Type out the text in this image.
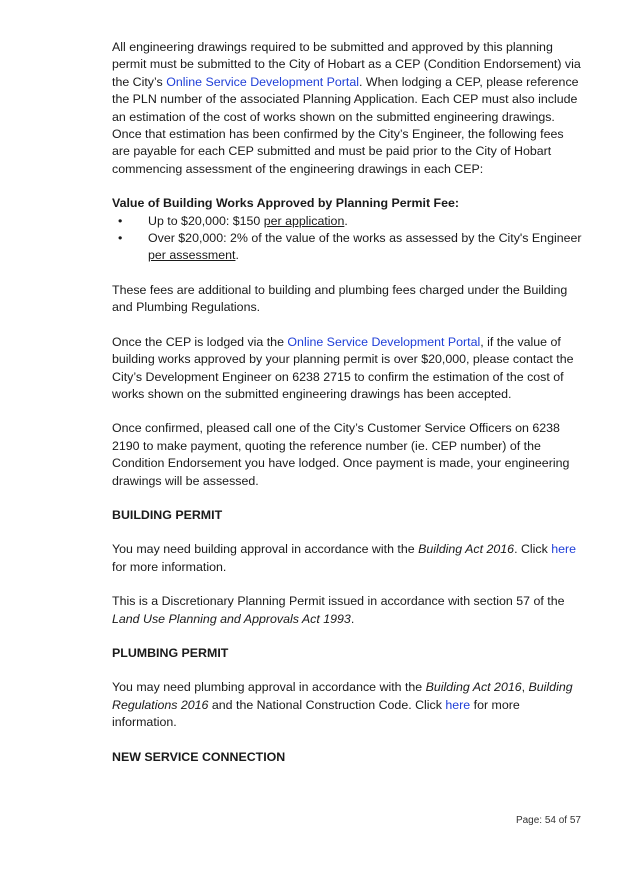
All engineering drawings required to be submitted and approved by this planning permit must be submitted to the City of Hobart as a CEP (Condition Endorsement) via the City’s Online Service Development Portal. When lodging a CEP, please reference the PLN number of the associated Planning Application. Each CEP must also include an estimation of the cost of works shown on the submitted engineering drawings. Once that estimation has been confirmed by the City’s Engineer, the following fees are payable for each CEP submitted and must be paid prior to the City of Hobart commencing assessment of the engineering drawings in each CEP:

Value of Building Works Approved by Planning Permit Fee:

• Up to $20,000: $150 per application.
• Over $20,000: 2% of the value of the works as assessed by the City's Engineer per assessment.

These fees are additional to building and plumbing fees charged under the Building and Plumbing Regulations.

Once the CEP is lodged via the Online Service Development Portal, if the value of building works approved by your planning permit is over $20,000, please contact the City’s Development Engineer on 6238 2715 to confirm the estimation of the cost of works shown on the submitted engineering drawings has been accepted.

Once confirmed, pleased call one of the City’s Customer Service Officers on 6238 2190 to make payment, quoting the reference number (ie. CEP number) of the Condition Endorsement you have lodged. Once payment is made, your engineering drawings will be assessed.

BUILDING PERMIT

You may need building approval in accordance with the Building Act 2016. Click here for more information.

This is a Discretionary Planning Permit issued in accordance with section 57 of the Land Use Planning and Approvals Act 1993.

PLUMBING PERMIT

You may need plumbing approval in accordance with the Building Act 2016, Building Regulations 2016 and the National Construction Code. Click here for more information.

NEW SERVICE CONNECTION

Page: 54 of 57
